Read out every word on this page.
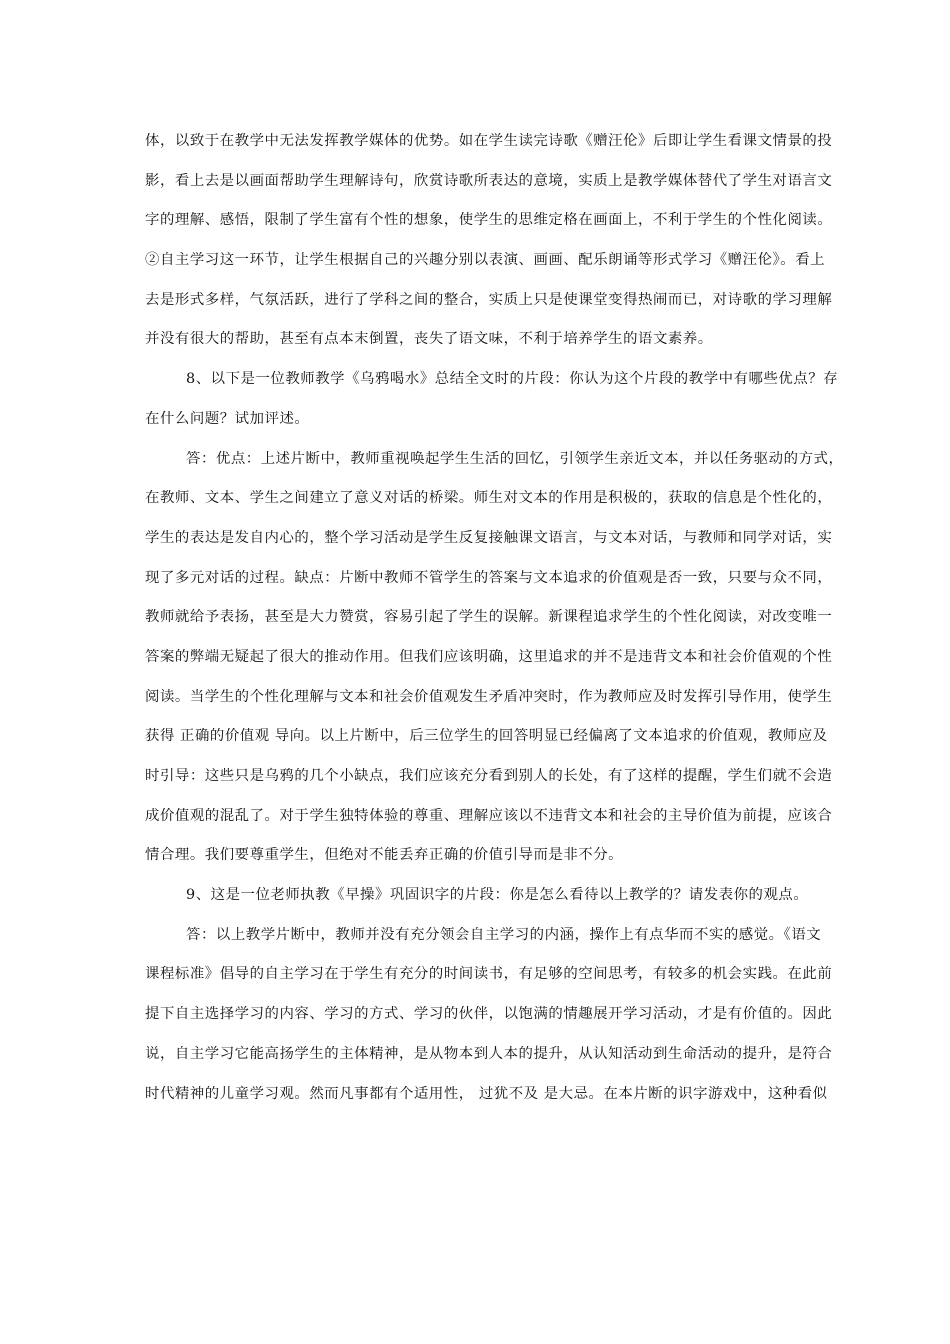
体，以致于在教学中无法发挥教学媒体的优势。如在学生读完诗歌《赠汪伦》后即让学生看课文情景的投
影，看上去是以画面帮助学生理解诗句，欣赏诗歌所表达的意境，实质上是教学媒体替代了学生对语言文
字的理解、感悟，限制了学生富有个性的想象，使学生的思维定格在画面上，不利于学生的个性化阅读。
②自主学习这一环节，让学生根据自己的兴趣分别以表演、画画、配乐朗诵等形式学习《赠汪伦》。看上
去是形式多样，气氛活跃，进行了学科之间的整合，实质上只是使课堂变得热闹而已，对诗歌的学习理解
并没有很大的帮助，甚至有点本末倒置，丧失了语文味，不利于培养学生的语文素养。
8、以下是一位教师教学《乌鸦喝水》总结全文时的片段：你认为这个片段的教学中有哪些优点？存
在什么问题？试加评述。
答：优点：上述片断中，教师重视唤起学生生活的回忆，引领学生亲近文本，并以任务驱动的方式，
在教师、文本、学生之间建立了意义对话的桥梁。师生对文本的作用是积极的，获取的信息是个性化的，
学生的表达是发自内心的，整个学习活动是学生反复接触课文语言，与文本对话，与教师和同学对话，实
现了多元对话的过程。缺点：片断中教师不管学生的答案与文本追求的价值观是否一致，只要与众不同，
教师就给予表扬，甚至是大力赞赏，容易引起了学生的误解。新课程追求学生的个性化阅读，对改变唯一
答案的弊端无疑起了很大的推动作用。但我们应该明确，这里追求的并不是违背文本和社会价值观的个性
阅读。当学生的个性化理解与文本和社会价值观发生矛盾冲突时，作为教师应及时发挥引导作用，使学生
获得 正确的价值观 导向。以上片断中，后三位学生的回答明显已经偏离了文本追求的价值观，教师应及
时引导：这些只是乌鸦的几个小缺点，我们应该充分看到别人的长处，有了这样的提醒，学生们就不会造
成价值观的混乱了。对于学生独特体验的尊重、理解应该以不违背文本和社会的主导价值为前提，应该合
情合理。我们要尊重学生，但绝对不能丢弃正确的价值引导而是非不分。
9、这是一位老师执教《早操》巩固识字的片段：你是怎么看待以上教学的？请发表你的观点。
答：以上教学片断中，教师并没有充分领会自主学习的内涵，操作上有点华而不实的感觉。《语文
课程标准》倡导的自主学习在于学生有充分的时间读书，有足够的空间思考，有较多的机会实践。在此前
提下自主选择学习的内容、学习的方式、学习的伙伴，以饱满的情趣展开学习活动，才是有价值的。因此
说，自主学习它能高扬学生的主体精神，是从物本到人本的提升，从认知活动到生命活动的提升，是符合
时代精神的儿童学习观。然而凡事都有个适用性， 过犹不及 是大忌。在本片断的识字游戏中，这种看似
